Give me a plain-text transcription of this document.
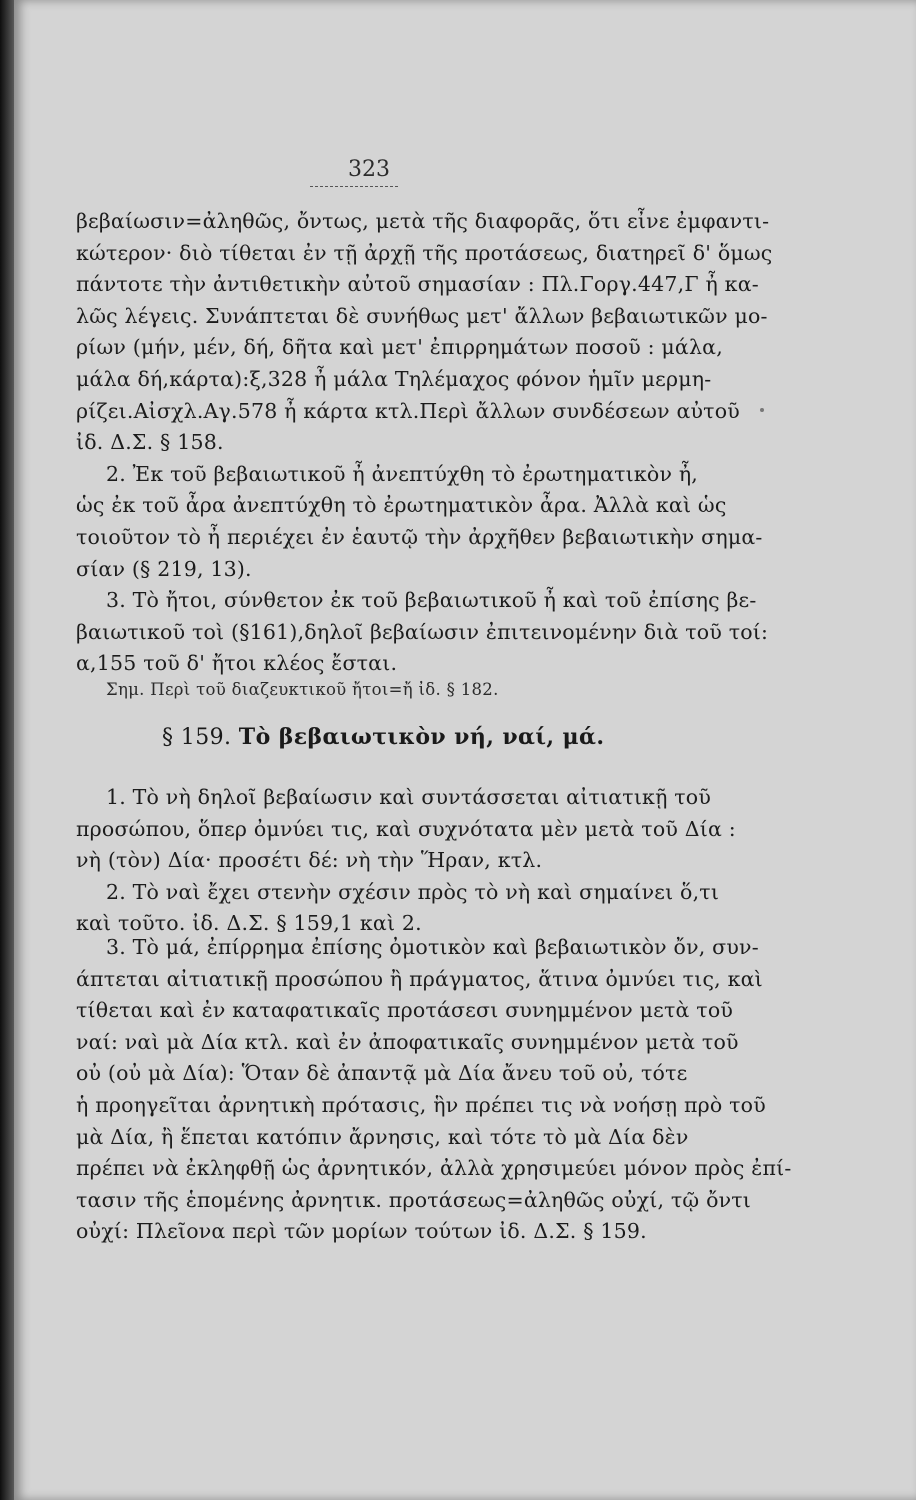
323
βεβαίωσιν=ἀληθῶς, ὄντως, μετὰ τῆς διαφορᾶς, ὅτι εἶνε ἐμφαντι-
κώτερον· διὸ τίθεται ἐν τῇ ἀρχῇ τῆς προτάσεως, διατηρεῖ δ' ὅμως
πάντοτε τὴν ἀντιθετικὴν αὐτοῦ σημασίαν : Πλ.Γοργ.447,Γ ἦ κα-
λῶς λέγεις. Συνάπτεται δὲ συνήθως μετ' ἄλλων βεβαιωτικῶν μο-
ρίων (μήν, μέν, δή, δῆτα καὶ μετ' ἐπιρρημάτων ποσοῦ : μάλα,
μάλα δή,κάρτα):ξ,328 ἦ μάλα Τηλέμαχος φόνον ἡμῖν μερμη-
ρίζει.Αἰσχλ.Αγ.578 ἦ κάρτα κτλ.Περὶ ἄλλων συνδέσεων αὐτοῦ
ἰδ. Δ.Σ. § 158.
2. Ἐκ τοῦ βεβαιωτικοῦ ἦ ἀνεπτύχθη τὸ ἐρωτηματικὸν ἦ,
ὡς ἐκ τοῦ ἆρα ἀνεπτύχθη τὸ ἐρωτηματικὸν ἆρα. Ἀλλὰ καὶ ὡς
τοιοῦτον τὸ ἦ περιέχει ἐν ἑαυτῷ τὴν ἀρχῆθεν βεβαιωτικὴν σημα-
σίαν (§ 219, 13).
3. Τὸ ἤτοι, σύνθετον ἐκ τοῦ βεβαιωτικοῦ ἦ καὶ τοῦ ἐπίσης βε-
βαιωτικοῦ τοὶ (§161),δηλοῖ βεβαίωσιν ἐπιτεινομένην διὰ τοῦ τοί:
α,155 τοῦ δ' ἤτοι κλέος ἔσται.
Σημ. Περὶ τοῦ διαζευκτικοῦ ἤτοι=ἤ ἰδ. § 182.
§ 159. Τὸ βεβαιωτικὸν νή, ναί, μά.
1. Τὸ νὴ δηλοῖ βεβαίωσιν καὶ συντάσσεται αἰτιατικῇ τοῦ
προσώπου, ὅπερ ὀμνύει τις, καὶ συχνότατα μὲν μετὰ τοῦ Δία :
νὴ (τὸν) Δία· προσέτι δέ: νὴ τὴν Ἥραν, κτλ.
2. Τὸ ναὶ ἔχει στενὴν σχέσιν πρὸς τὸ νὴ καὶ σημαίνει ὅ,τι
καὶ τοῦτο. ἰδ. Δ.Σ. § 159,1 καὶ 2.
3. Τὸ μά, ἐπίρρημα ἐπίσης ὀμοτικὸν καὶ βεβαιωτικὸν ὄν, συν-
άπτεται αἰτιατικῇ προσώπου ἢ πράγματος, ἅτινα ὀμνύει τις, καὶ
τίθεται καὶ ἐν καταφατικαῖς προτάσεσι συνημμένον μετὰ τοῦ
ναί: ναὶ μὰ Δία κτλ. καὶ ἐν ἀποφατικαῖς συνημμένον μετὰ τοῦ
οὐ (οὐ μὰ Δία): Ὅταν δὲ ἀπαντᾷ μὰ Δία ἄνευ τοῦ οὐ, τότε
ἡ προηγεῖται ἀρνητικὴ πρότασις, ἣν πρέπει τις νὰ νοήσῃ πρὸ τοῦ
μὰ Δία, ἢ ἕπεται κατόπιν ἄρνησις, καὶ τότε τὸ μὰ Δία δὲν
πρέπει νὰ ἐκληφθῇ ὡς ἀρνητικόν, ἀλλὰ χρησιμεύει μόνον πρὸς ἐπί-
τασιν τῆς ἑπομένης ἀρνητικ. προτάσεως=ἀληθῶς οὐχί, τῷ ὄντι
οὐχί: Πλεῖονα περὶ τῶν μορίων τούτων ἰδ. Δ.Σ. § 159.
